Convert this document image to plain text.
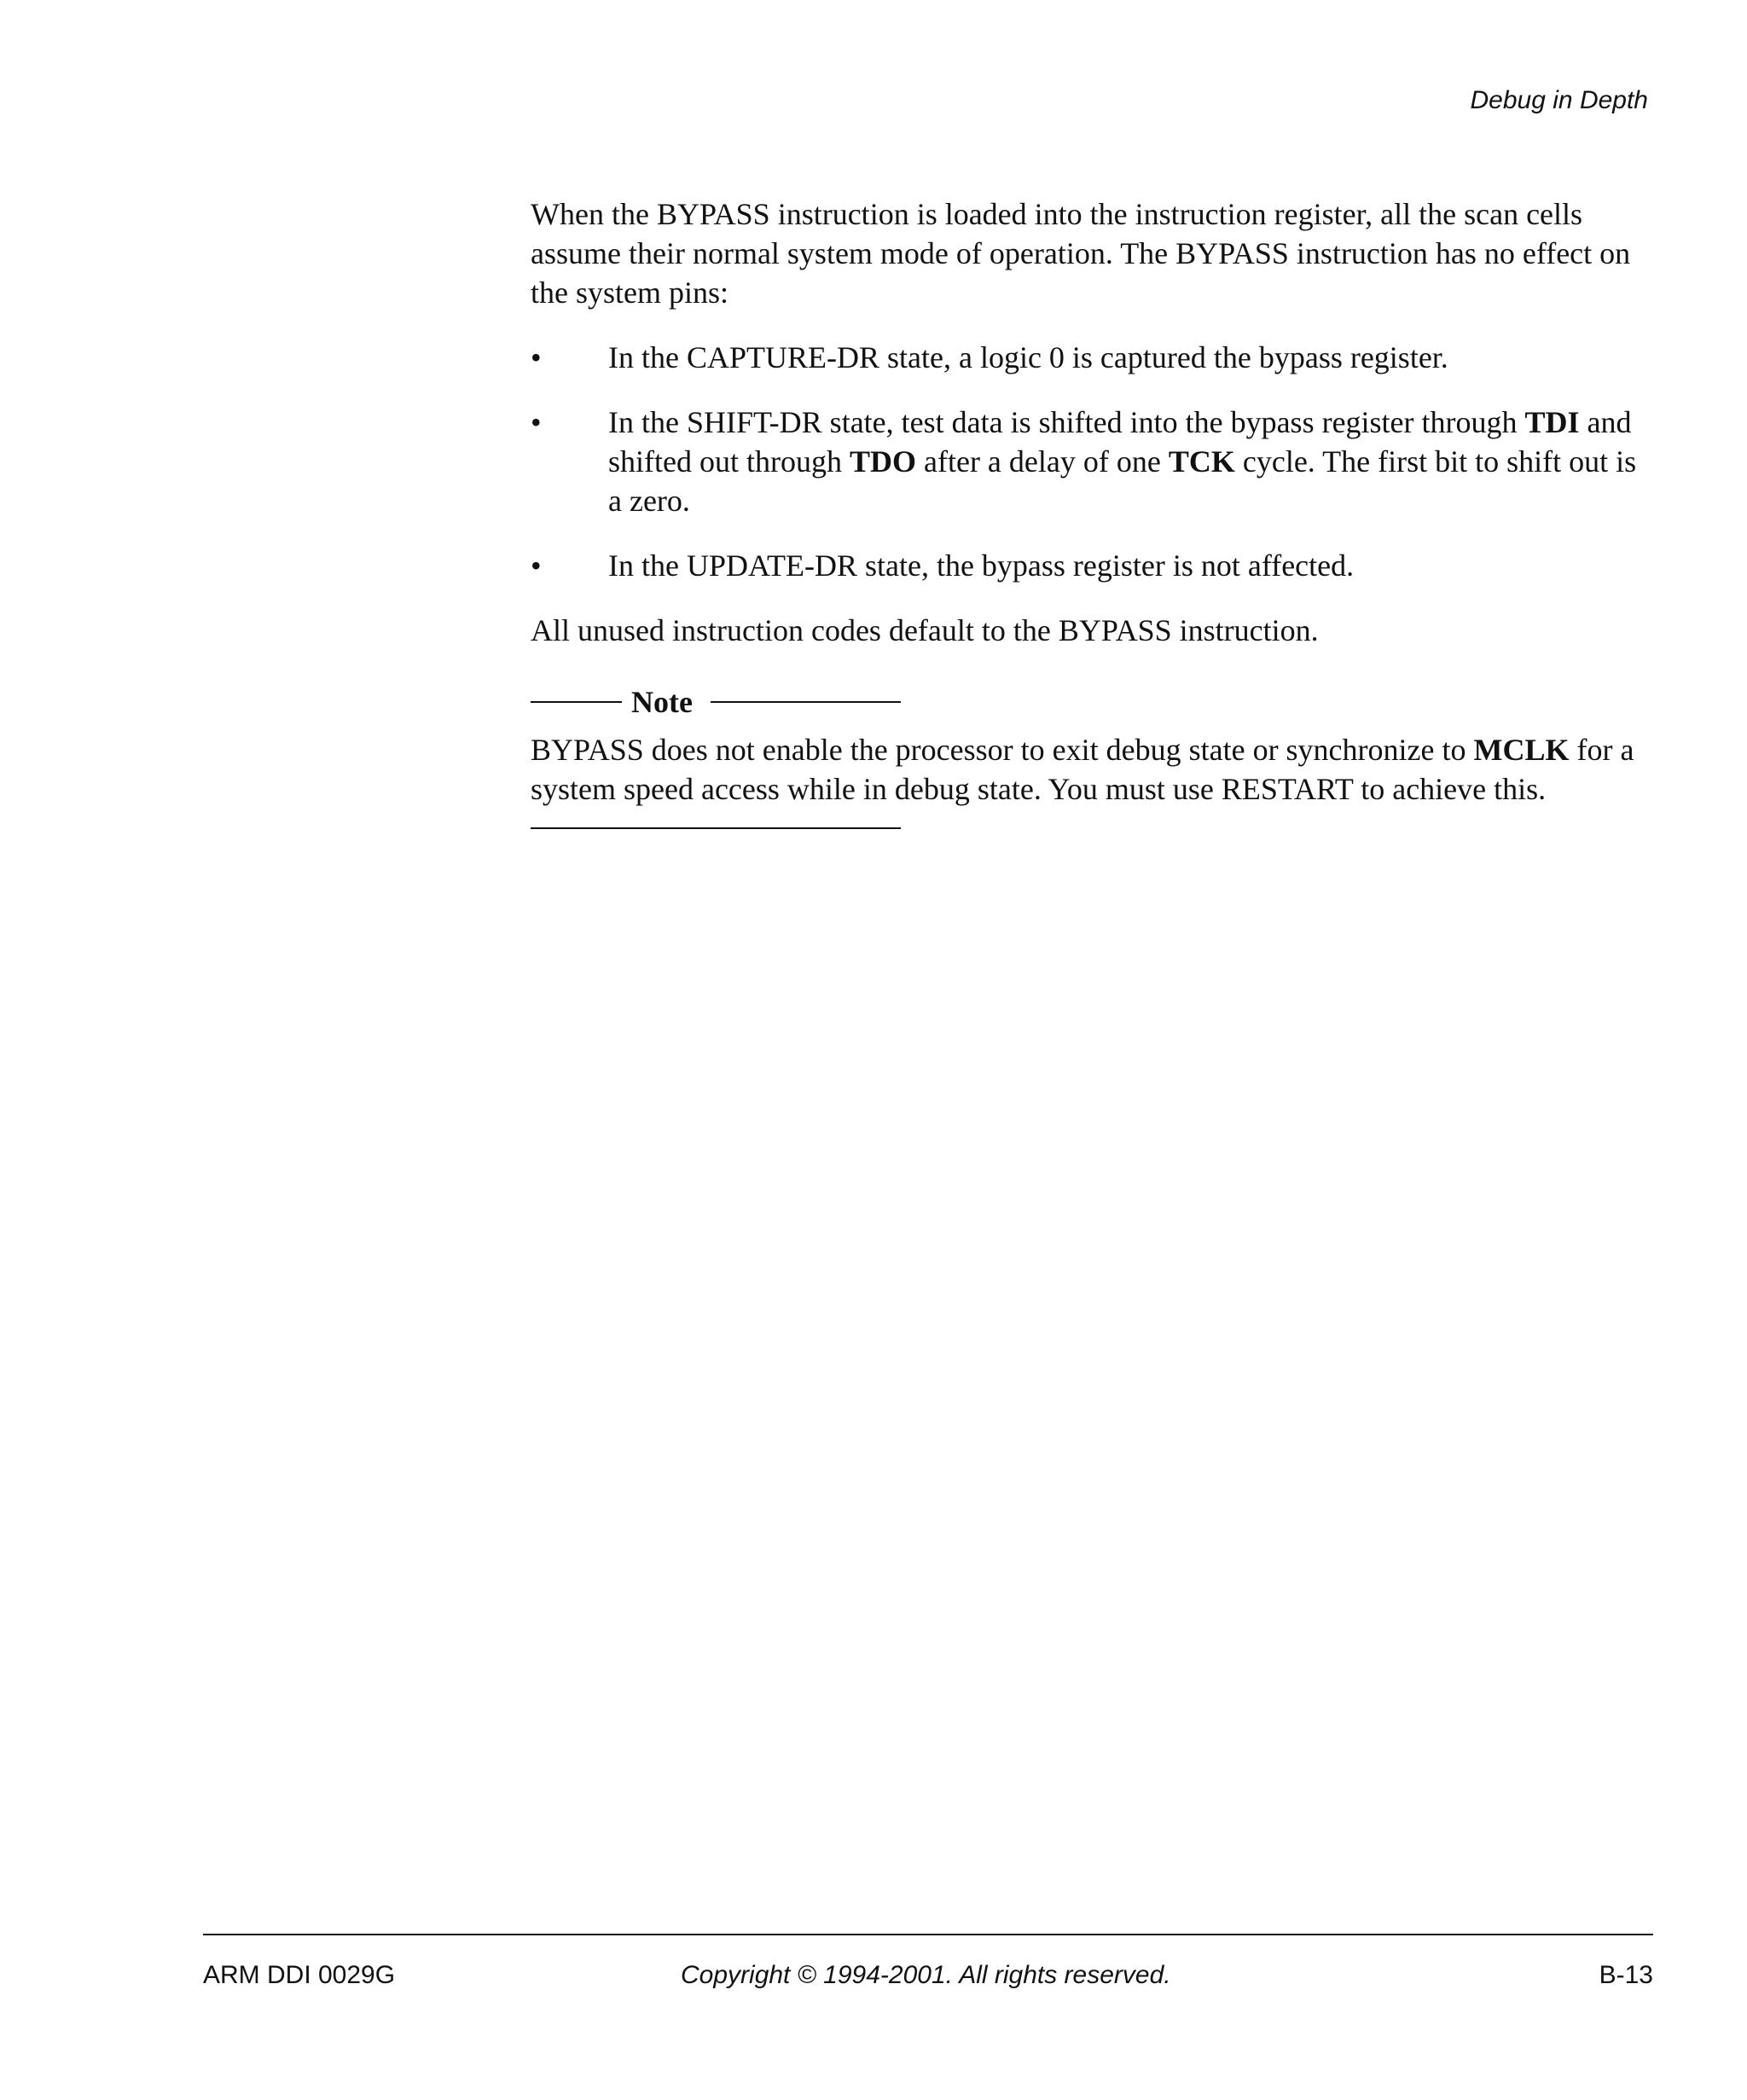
Debug in Depth

When the BYPASS instruction is loaded into the instruction register, all the scan cells assume their normal system mode of operation. The BYPASS instruction has no effect on the system pins:

•	In the CAPTURE-DR state, a logic 0 is captured the bypass register.
•	In the SHIFT-DR state, test data is shifted into the bypass register through TDI and shifted out through TDO after a delay of one TCK cycle. The first bit to shift out is a zero.
•	In the UPDATE-DR state, the bypass register is not affected.

All unused instruction codes default to the BYPASS instruction.

Note

BYPASS does not enable the processor to exit debug state or synchronize to MCLK for a system speed access while in debug state. You must use RESTART to achieve this.

ARM DDI 0029G	Copyright © 1994-2001. All rights reserved.	B-13
